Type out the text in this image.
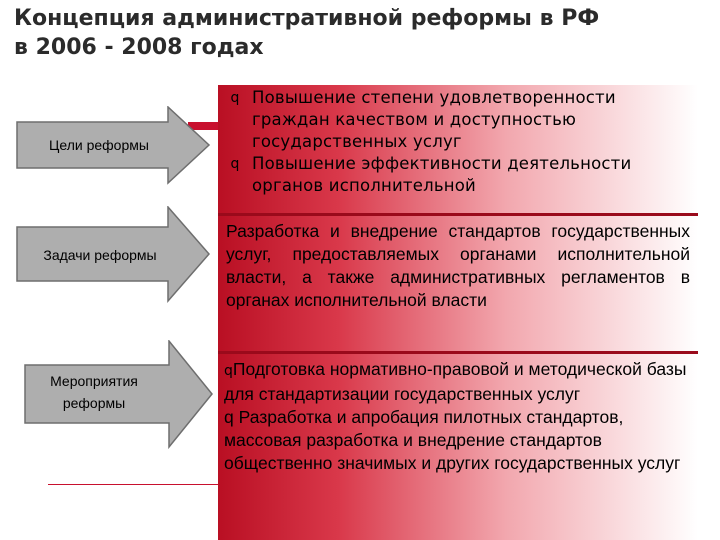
Концепция административной реформы в РФ
в 2006 - 2008 годах
Цели реформы
Задачи реформы
Мероприятия
реформы
q Повышение степени удовлетворенности граждан качеством и доступностью государственных услуг
q Повышение эффективности деятельности органов исполнительной
Разработка и внедрение стандартов государственных услуг, предоставляемых органами исполнительной власти, а также административных регламентов в органах исполнительной власти
qПодготовка нормативно-правовой и методической базы для стандартизации государственных услуг
q Разработка и апробация пилотных стандартов, массовая разработка и внедрение стандартов общественно значимых и других государственных услуг
